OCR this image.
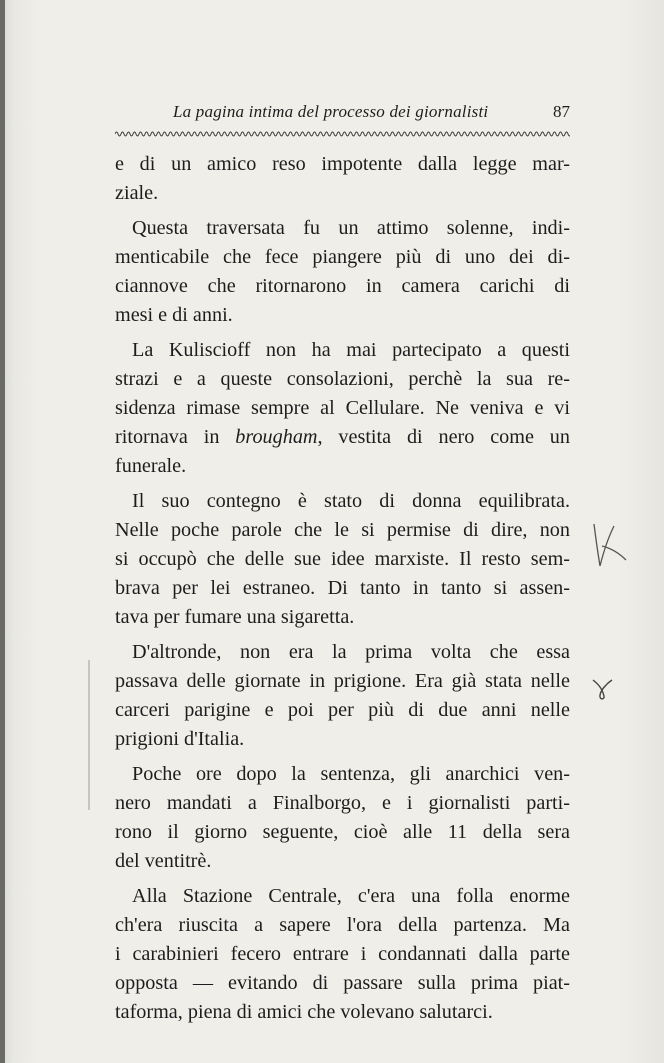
La pagina intima del processo dei giornalisti	87
e di un amico reso impotente dalla legge mar-
ziale.
Questa traversata fu un attimo solenne, indi-
menticabile che fece piangere più di uno dei di-
ciannove che ritornarono in camera carichi di
mesi e di anni.
La Kuliscioff non ha mai partecipato a questi
strazi e a queste consolazioni, perchè la sua re-
sidenza rimase sempre al Cellulare. Ne veniva e vi
ritornava in brougham, vestita di nero come un
funerale.
Il suo contegno è stato di donna equilibrata.
Nelle poche parole che le si permise di dire, non
si occupò che delle sue idee marxiste. Il resto sem-
brava per lei estraneo. Di tanto in tanto si assen-
tava per fumare una sigaretta.
D'altronde, non era la prima volta che essa
passava delle giornate in prigione. Era già stata nelle
carceri parigine e poi per più di due anni nelle
prigioni d'Italia.
Poche ore dopo la sentenza, gli anarchici ven-
nero mandati a Finalborgo, e i giornalisti parti-
rono il giorno seguente, cioè alle 11 della sera
del ventitrè.
Alla Stazione Centrale, c'era una folla enorme
ch'era riuscita a sapere l'ora della partenza. Ma
i carabinieri fecero entrare i condannati dalla parte
opposta — evitando di passare sulla prima piat-
taforma, piena di amici che volevano salutarci.
